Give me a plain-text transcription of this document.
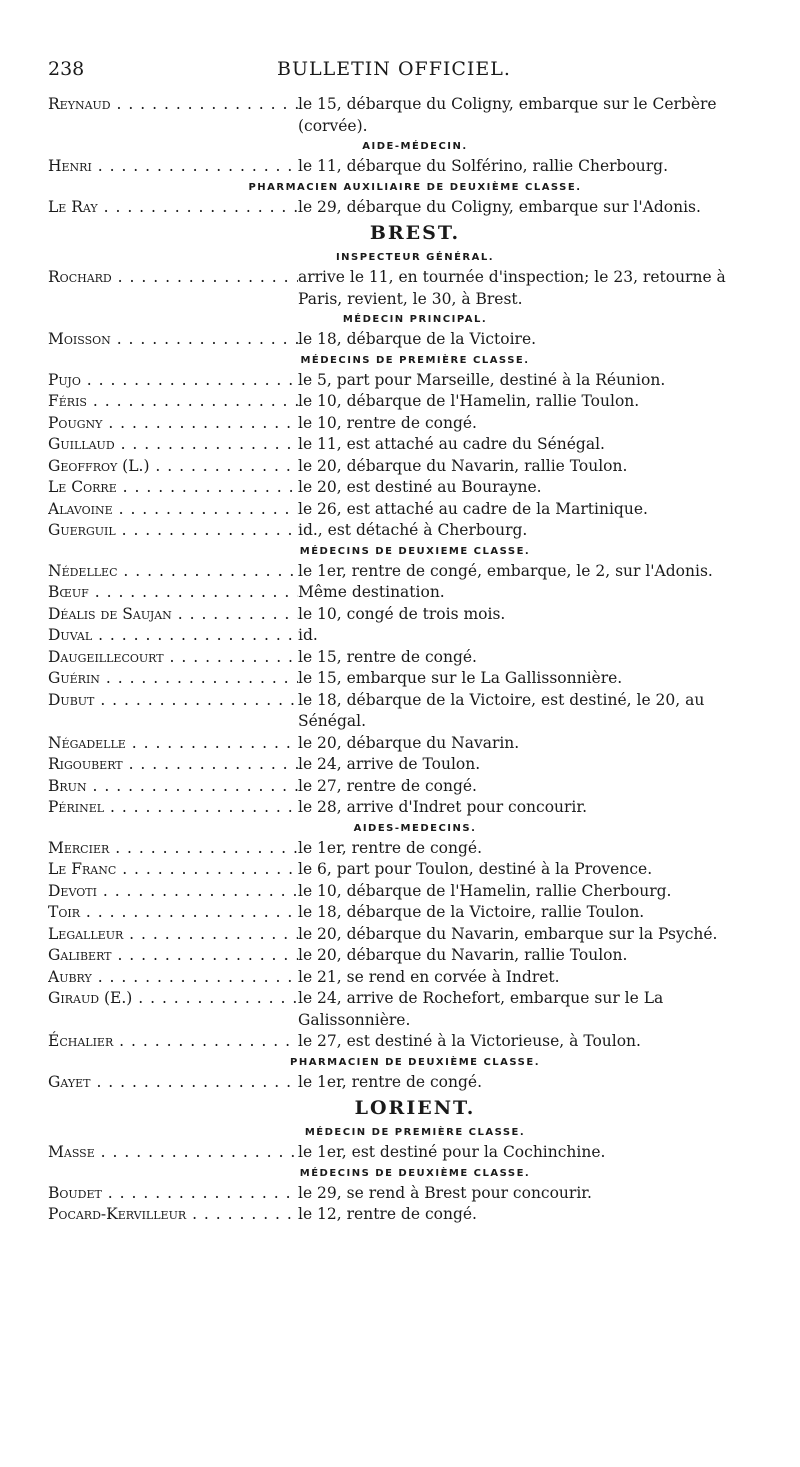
238	BULLETIN OFFICIEL.
Reynaud . . .	le 15, débarque du Coligny, embarque sur le Cerbère (corvée).
AIDE-MÉDECIN.
Henri . . .	le 11, débarque du Solférino, rallie Cherbourg.
PHARMACIEN AUXILIAIRE DE DEUXIÈME CLASSE.
Le Ray . . .	le 29, débarque du Coligny, embarque sur l'Adonis.
BREST.
INSPECTEUR GÉNÉRAL.
Rochard . . .	arrive le 11, en tournée d'inspection; le 23, retourne à Paris, revient, le 30, à Brest.
MÉDECIN PRINCIPAL.
Moisson . . .	le 18, débarque de la Victoire.
MÉDECINS DE PREMIÈRE CLASSE.
Pujo . . .	le 5, part pour Marseille, destiné à la Réunion.
Féris . . .	le 10, débarque de l'Hamelin, rallie Toulon.
Pougny . . .	le 10, rentre de congé.
Guillaud . . .	le 11, est attaché au cadre du Sénégal.
Geoffroy (L.) . . .	le 20, débarque du Navarin, rallie Toulon.
Le Corre . . .	le 20, est destiné au Bourayne.
Alavoine . . .	le 26, est attaché au cadre de la Martinique.
Guerguil . . .	id., est détaché à Cherbourg.
MÉDECINS DE DEUXIEME CLASSE.
Nédellec . . .	le 1er, rentre de congé, embarque, le 2, sur l'Adonis.
Bœuf . . .	Même destination.
Déalis de Saujan . . .	le 10, congé de trois mois.
Duval . . .	id.
Daugeillecourt . . .	le 15, rentre de congé.
Guérin . . .	le 15, embarque sur le La Gallissonnière.
Dubut . . .	le 18, débarque de la Victoire, est destiné, le 20, au Sénégal.
Négadelle . . .	le 20, débarque du Navarin.
Rigoubert . . .	le 24, arrive de Toulon.
Brun . . .	le 27, rentre de congé.
Périnel . . .	le 28, arrive d'Indret pour concourir.
AIDES-MEDECINS.
Mercier . . .	le 1er, rentre de congé.
Le Franc . . .	le 6, part pour Toulon, destiné à la Provence.
Devoti . . .	le 10, débarque de l'Hamelin, rallie Cherbourg.
Toir . . .	le 18, débarque de la Victoire, rallie Toulon.
Legalleur . . .	le 20, débarque du Navarin, embarque sur la Psyché.
Galibert . . .	le 20, débarque du Navarin, rallie Toulon.
Aubry . . .	le 21, se rend en corvée à Indret.
Giraud (E.) . . .	le 24, arrive de Rochefort, embarque sur le La Galissonnière.
Échalier . . .	le 27, est destiné à la Victorieuse, à Toulon.
PHARMACIEN DE DEUXIÈME CLASSE.
Gayet . . .	le 1er, rentre de congé.
LORIENT.
MÉDECIN DE PREMIÈRE CLASSE.
Masse . . .	le 1er, est destiné pour la Cochinchine.
MÉDECINS DE DEUXIÈME CLASSE.
Boudet . . .	le 29, se rend à Brest pour concourir.
Pocard-Kervilleur . . .	le 12, rentre de congé.
